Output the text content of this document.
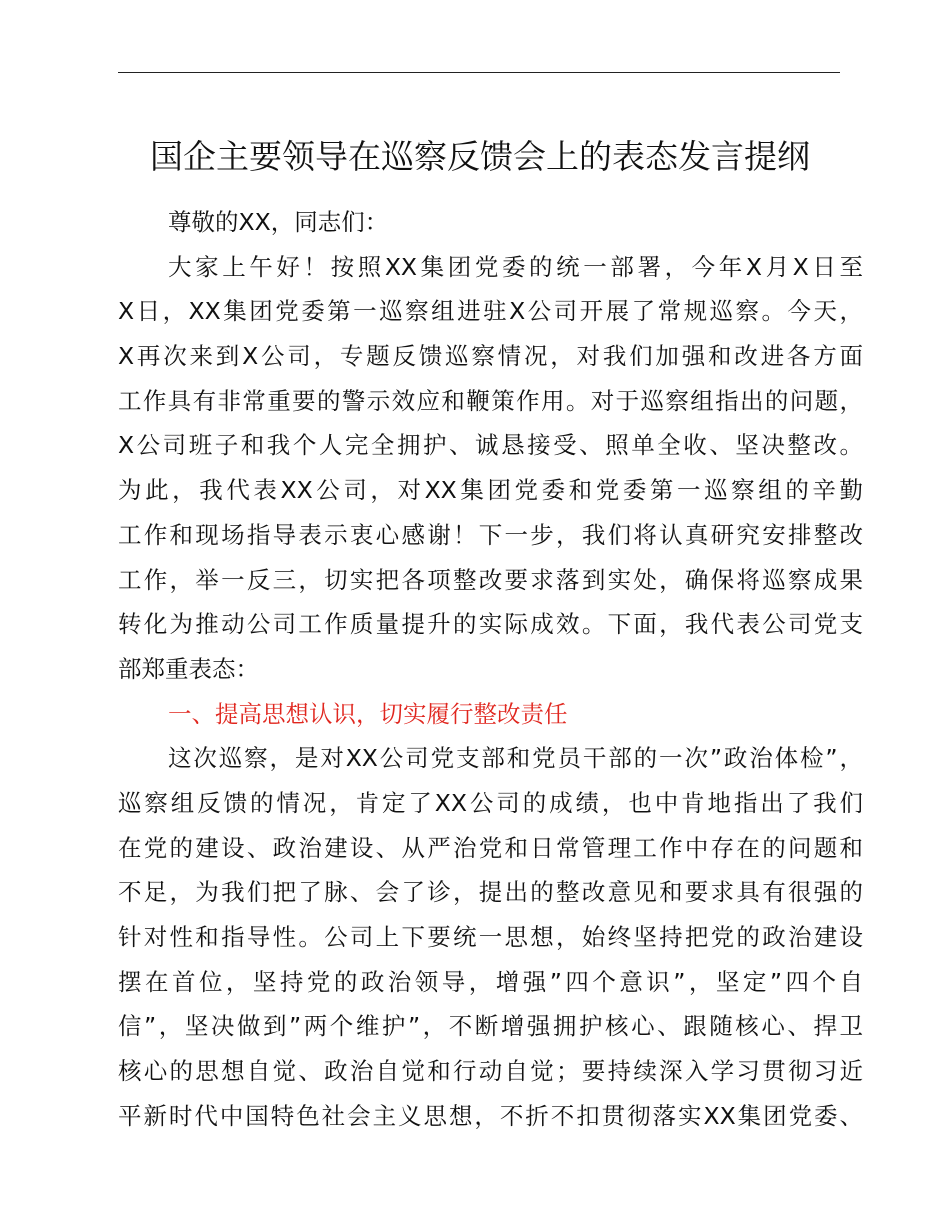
国企主要领导在巡察反馈会上的表态发言提纲
尊敬的XX，同志们：
大家上午好！按照XX集团党委的统一部署，今年X月X日至
X日，XX集团党委第一巡察组进驻X公司开展了常规巡察。今天，
X再次来到X公司，专题反馈巡察情况，对我们加强和改进各方面
工作具有非常重要的警示效应和鞭策作用。对于巡察组指出的问题，
X公司班子和我个人完全拥护、诚恳接受、照单全收、坚决整改。
为此，我代表XX公司，对XX集团党委和党委第一巡察组的辛勤
工作和现场指导表示衷心感谢！下一步，我们将认真研究安排整改
工作，举一反三，切实把各项整改要求落到实处，确保将巡察成果
转化为推动公司工作质量提升的实际成效。下面，我代表公司党支
部郑重表态：
一、提高思想认识，切实履行整改责任
这次巡察，是对XX公司党支部和党员干部的一次”政治体检”，
巡察组反馈的情况，肯定了XX公司的成绩，也中肯地指出了我们
在党的建设、政治建设、从严治党和日常管理工作中存在的问题和
不足，为我们把了脉、会了诊，提出的整改意见和要求具有很强的
针对性和指导性。公司上下要统一思想，始终坚持把党的政治建设
摆在首位，坚持党的政治领导，增强”四个意识”，坚定”四个自
信”，坚决做到”两个维护”，不断增强拥护核心、跟随核心、捍卫
核心的思想自觉、政治自觉和行动自觉；要持续深入学习贯彻习近
平新时代中国特色社会主义思想，不折不扣贯彻落实XX集团党委、
